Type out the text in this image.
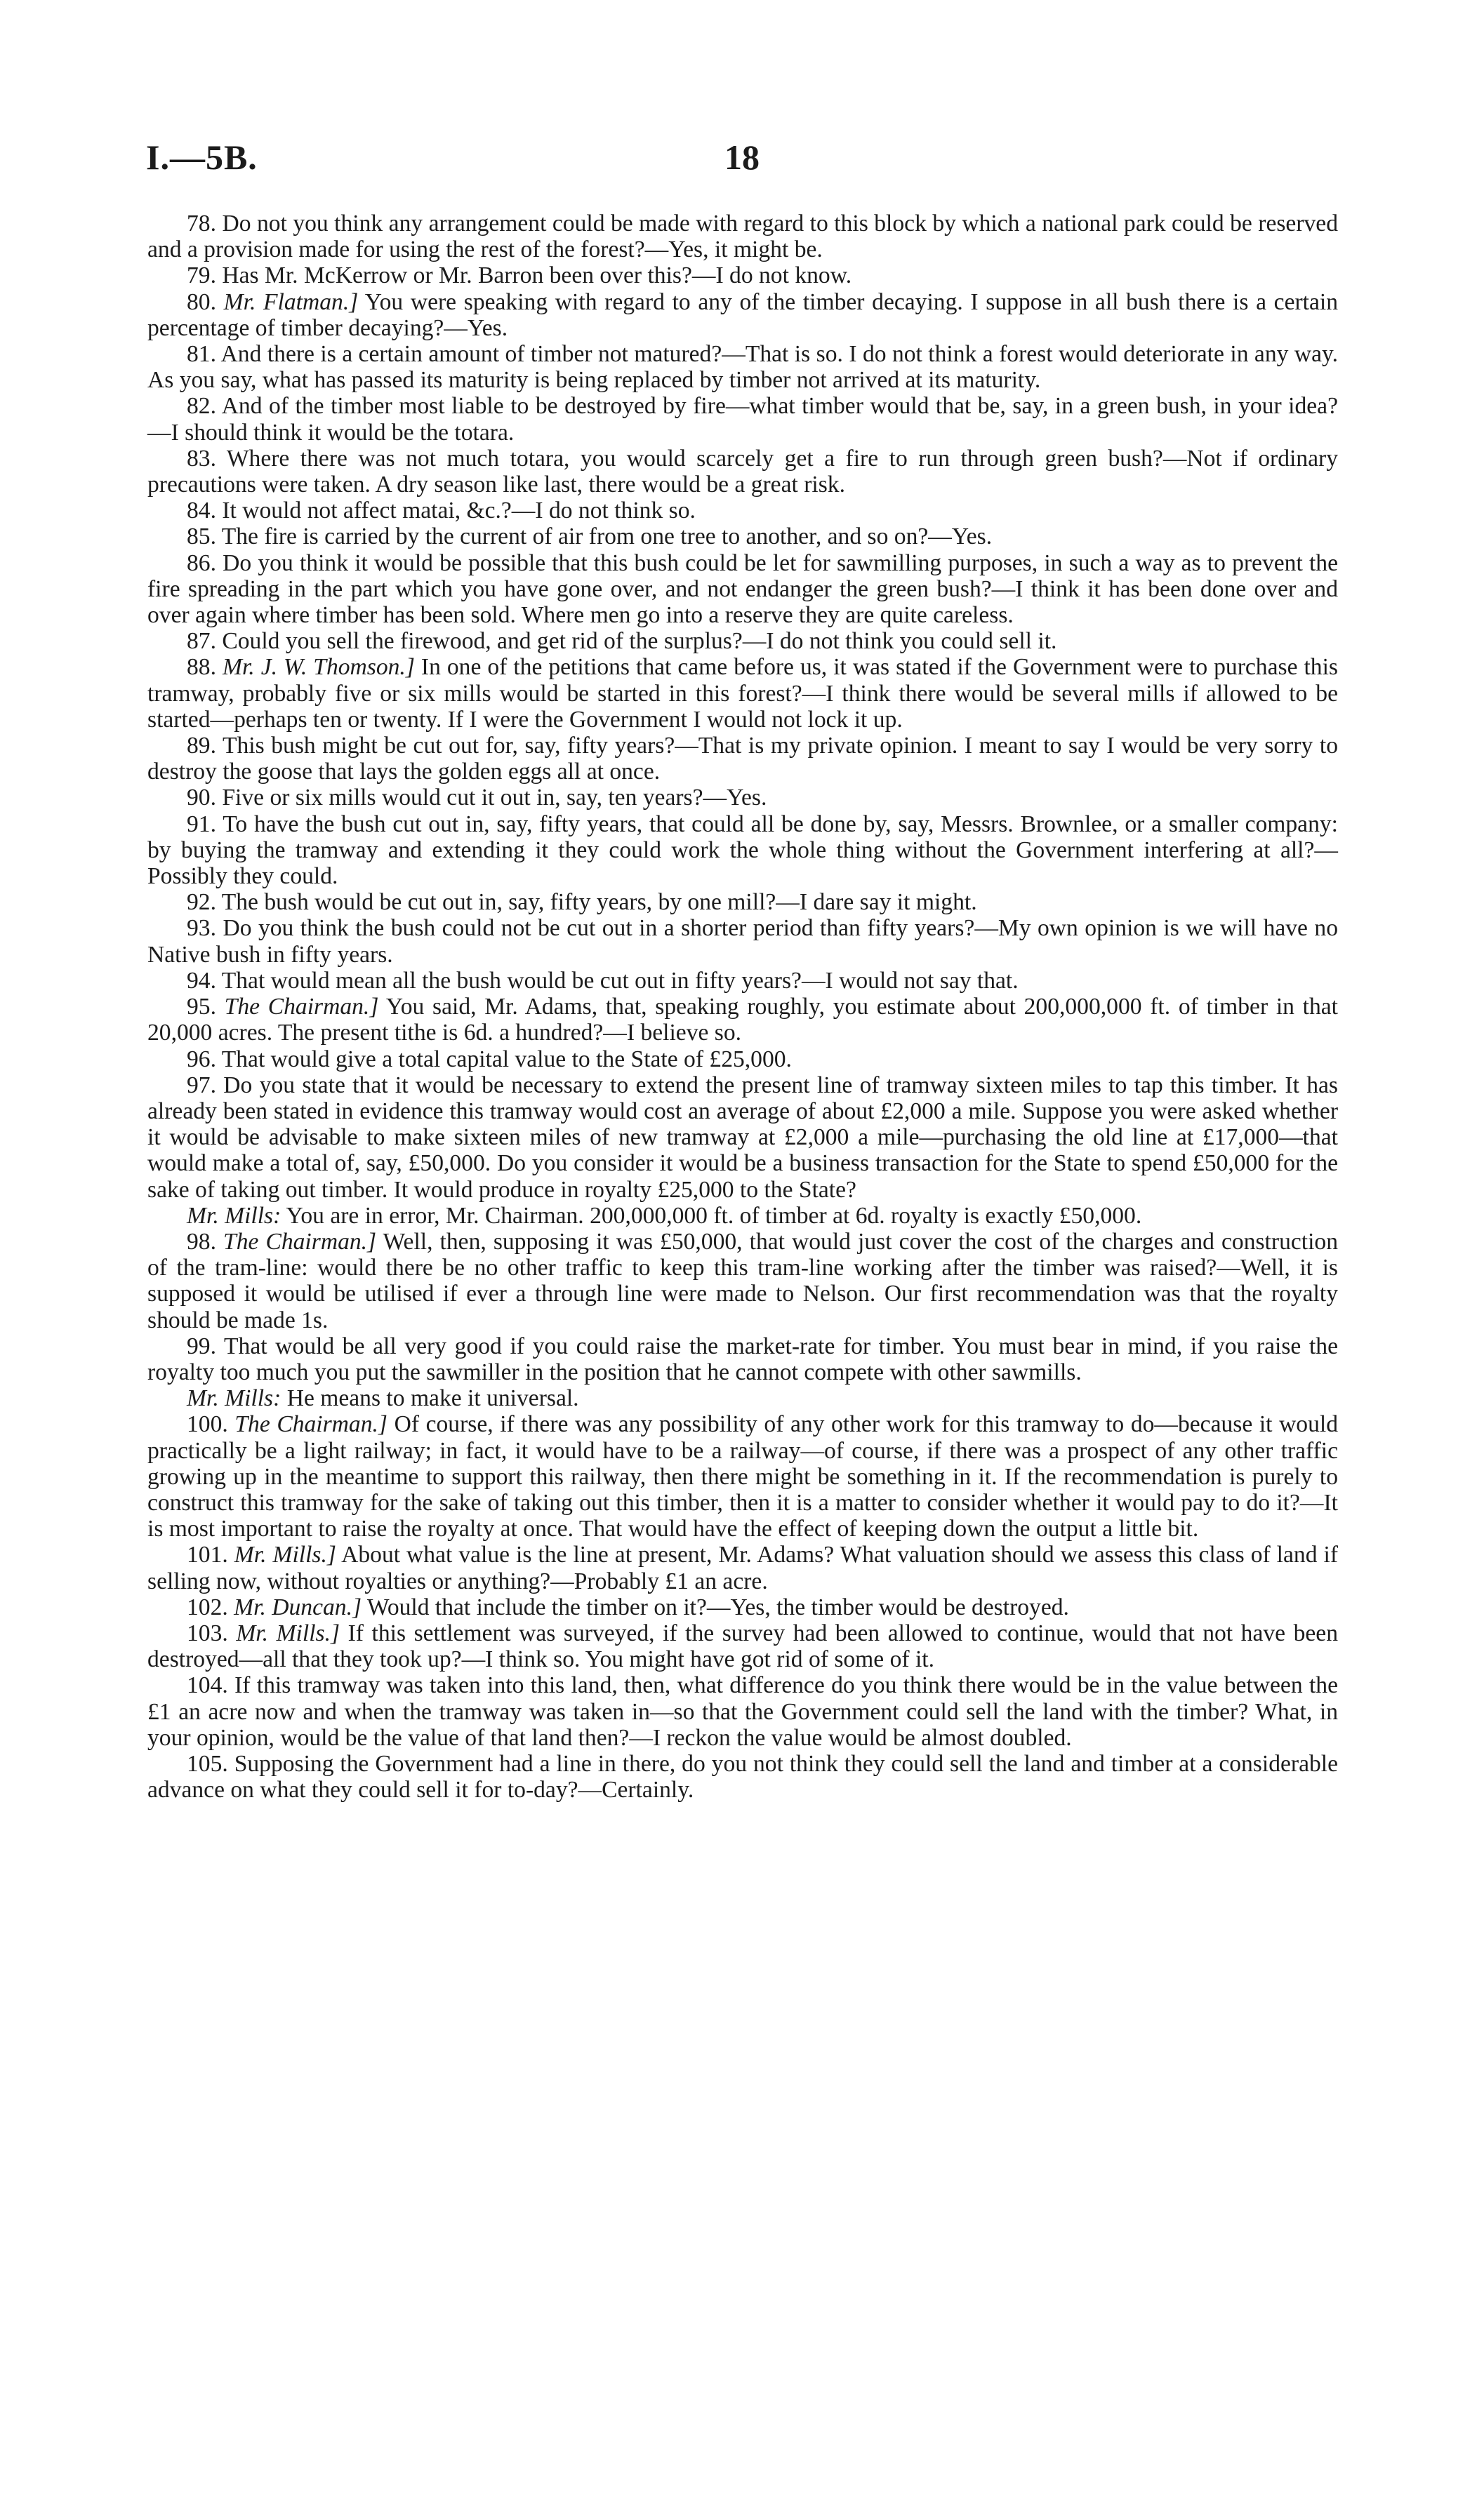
I.—5B.	18

78. Do not you think any arrangement could be made with regard to this block by which a national park could be reserved and a provision made for using the rest of the forest?—Yes, it might be.

79. Has Mr. McKerrow or Mr. Barron been over this?—I do not know.

80. Mr. Flatman.] You were speaking with regard to any of the timber decaying. I suppose in all bush there is a certain percentage of timber decaying?—Yes.

81. And there is a certain amount of timber not matured?—That is so. I do not think a forest would deteriorate in any way. As you say, what has passed its maturity is being replaced by timber not arrived at its maturity.

82. And of the timber most liable to be destroyed by fire—what timber would that be, say, in a green bush, in your idea?—I should think it would be the totara.

83. Where there was not much totara, you would scarcely get a fire to run through green bush?—Not if ordinary precautions were taken. A dry season like last, there would be a great risk.

84. It would not affect matai, &c.?—I do not think so.

85. The fire is carried by the current of air from one tree to another, and so on?—Yes.

86. Do you think it would be possible that this bush could be let for sawmilling purposes, in such a way as to prevent the fire spreading in the part which you have gone over, and not endanger the green bush?—I think it has been done over and over again where timber has been sold. Where men go into a reserve they are quite careless.

87. Could you sell the firewood, and get rid of the surplus?—I do not think you could sell it.

88. Mr. J. W. Thomson.] In one of the petitions that came before us, it was stated if the Government were to purchase this tramway, probably five or six mills would be started in this forest?—I think there would be several mills if allowed to be started—perhaps ten or twenty. If I were the Government I would not lock it up.

89. This bush might be cut out for, say, fifty years?—That is my private opinion. I meant to say I would be very sorry to destroy the goose that lays the golden eggs all at once.

90. Five or six mills would cut it out in, say, ten years?—Yes.

91. To have the bush cut out in, say, fifty years, that could all be done by, say, Messrs. Brownlee, or a smaller company: by buying the tramway and extending it they could work the whole thing without the Government interfering at all?—Possibly they could.

92. The bush would be cut out in, say, fifty years, by one mill?—I dare say it might.

93. Do you think the bush could not be cut out in a shorter period than fifty years?—My own opinion is we will have no Native bush in fifty years.

94. That would mean all the bush would be cut out in fifty years?—I would not say that.

95. The Chairman.] You said, Mr. Adams, that, speaking roughly, you estimate about 200,000,000 ft. of timber in that 20,000 acres. The present tithe is 6d. a hundred?—I believe so.

96. That would give a total capital value to the State of £25,000.

97. Do you state that it would be necessary to extend the present line of tramway sixteen miles to tap this timber. It has already been stated in evidence this tramway would cost an average of about £2,000 a mile. Suppose you were asked whether it would be advisable to make sixteen miles of new tramway at £2,000 a mile—purchasing the old line at £17,000—that would make a total of, say, £50,000. Do you consider it would be a business transaction for the State to spend £50,000 for the sake of taking out timber. It would produce in royalty £25,000 to the State?

Mr. Mills: You are in error, Mr. Chairman. 200,000,000 ft. of timber at 6d. royalty is exactly £50,000.

98. The Chairman.] Well, then, supposing it was £50,000, that would just cover the cost of the charges and construction of the tram-line: would there be no other traffic to keep this tram-line working after the timber was raised?—Well, it is supposed it would be utilised if ever a through line were made to Nelson. Our first recommendation was that the royalty should be made 1s.

99. That would be all very good if you could raise the market-rate for timber. You must bear in mind, if you raise the royalty too much you put the sawmiller in the position that he cannot compete with other sawmills.

Mr. Mills: He means to make it universal.

100. The Chairman.] Of course, if there was any possibility of any other work for this tramway to do—because it would practically be a light railway; in fact, it would have to be a railway—of course, if there was a prospect of any other traffic growing up in the meantime to support this railway, then there might be something in it. If the recommendation is purely to construct this tramway for the sake of taking out this timber, then it is a matter to consider whether it would pay to do it?—It is most important to raise the royalty at once. That would have the effect of keeping down the output a little bit.

101. Mr. Mills.] About what value is the line at present, Mr. Adams? What valuation should we assess this class of land if selling now, without royalties or anything?—Probably £1 an acre.

102. Mr. Duncan.] Would that include the timber on it?—Yes, the timber would be destroyed.

103. Mr. Mills.] If this settlement was surveyed, if the survey had been allowed to continue, would that not have been destroyed—all that they took up?—I think so. You might have got rid of some of it.

104. If this tramway was taken into this land, then, what difference do you think there would be in the value between the £1 an acre now and when the tramway was taken in—so that the Government could sell the land with the timber? What, in your opinion, would be the value of that land then?—I reckon the value would be almost doubled.

105. Supposing the Government had a line in there, do you not think they could sell the land and timber at a considerable advance on what they could sell it for to-day?—Certainly.
